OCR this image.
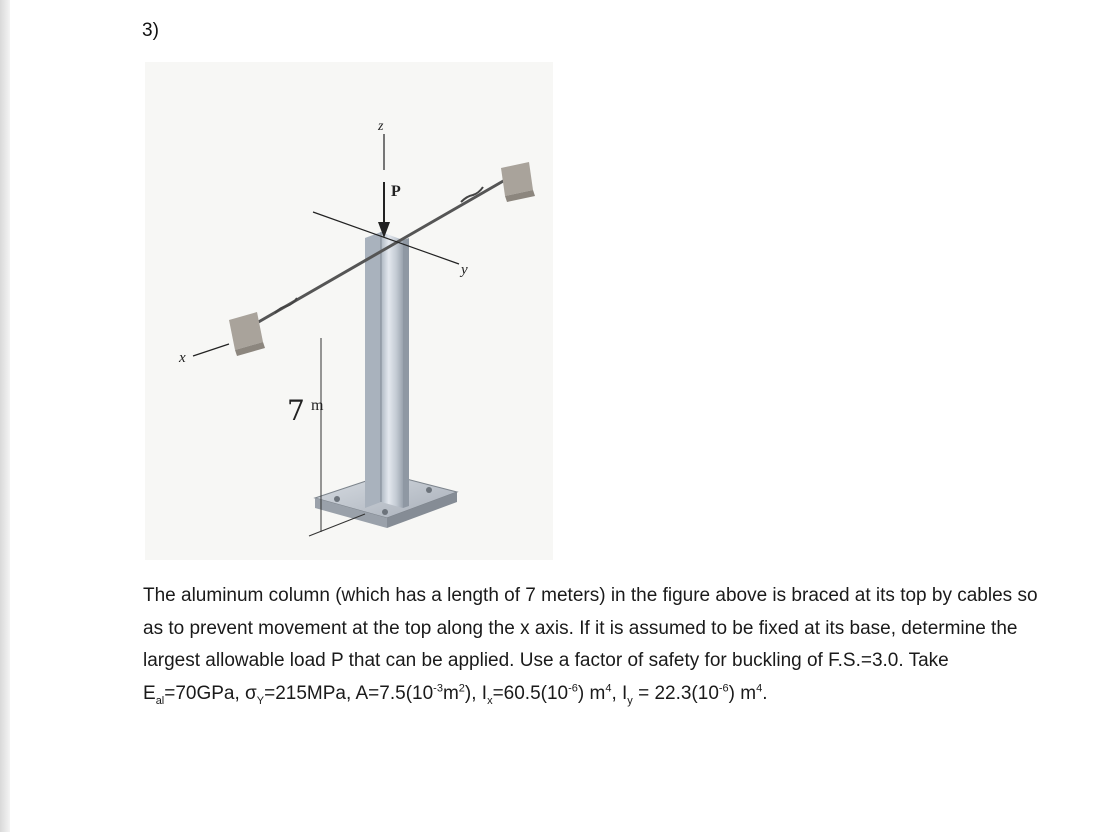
3)
y
x
z
P
7 m
The aluminum column (which has a length of 7 meters) in the figure above is braced at its top by cables so as to prevent movement at the top along the x axis. If it is assumed to be fixed at its base, determine the largest allowable load P that can be applied. Use a factor of safety for buckling of F.S.=3.0. Take $E_{al}=70GPa$, $\sigma_Y=215MPa$, $A=7.5(10^{-3}m^2)$, $I_x=60.5(10^{-6})$ $m^4$, $I_y = 22.3(10^{-6})$ $m^4$.
